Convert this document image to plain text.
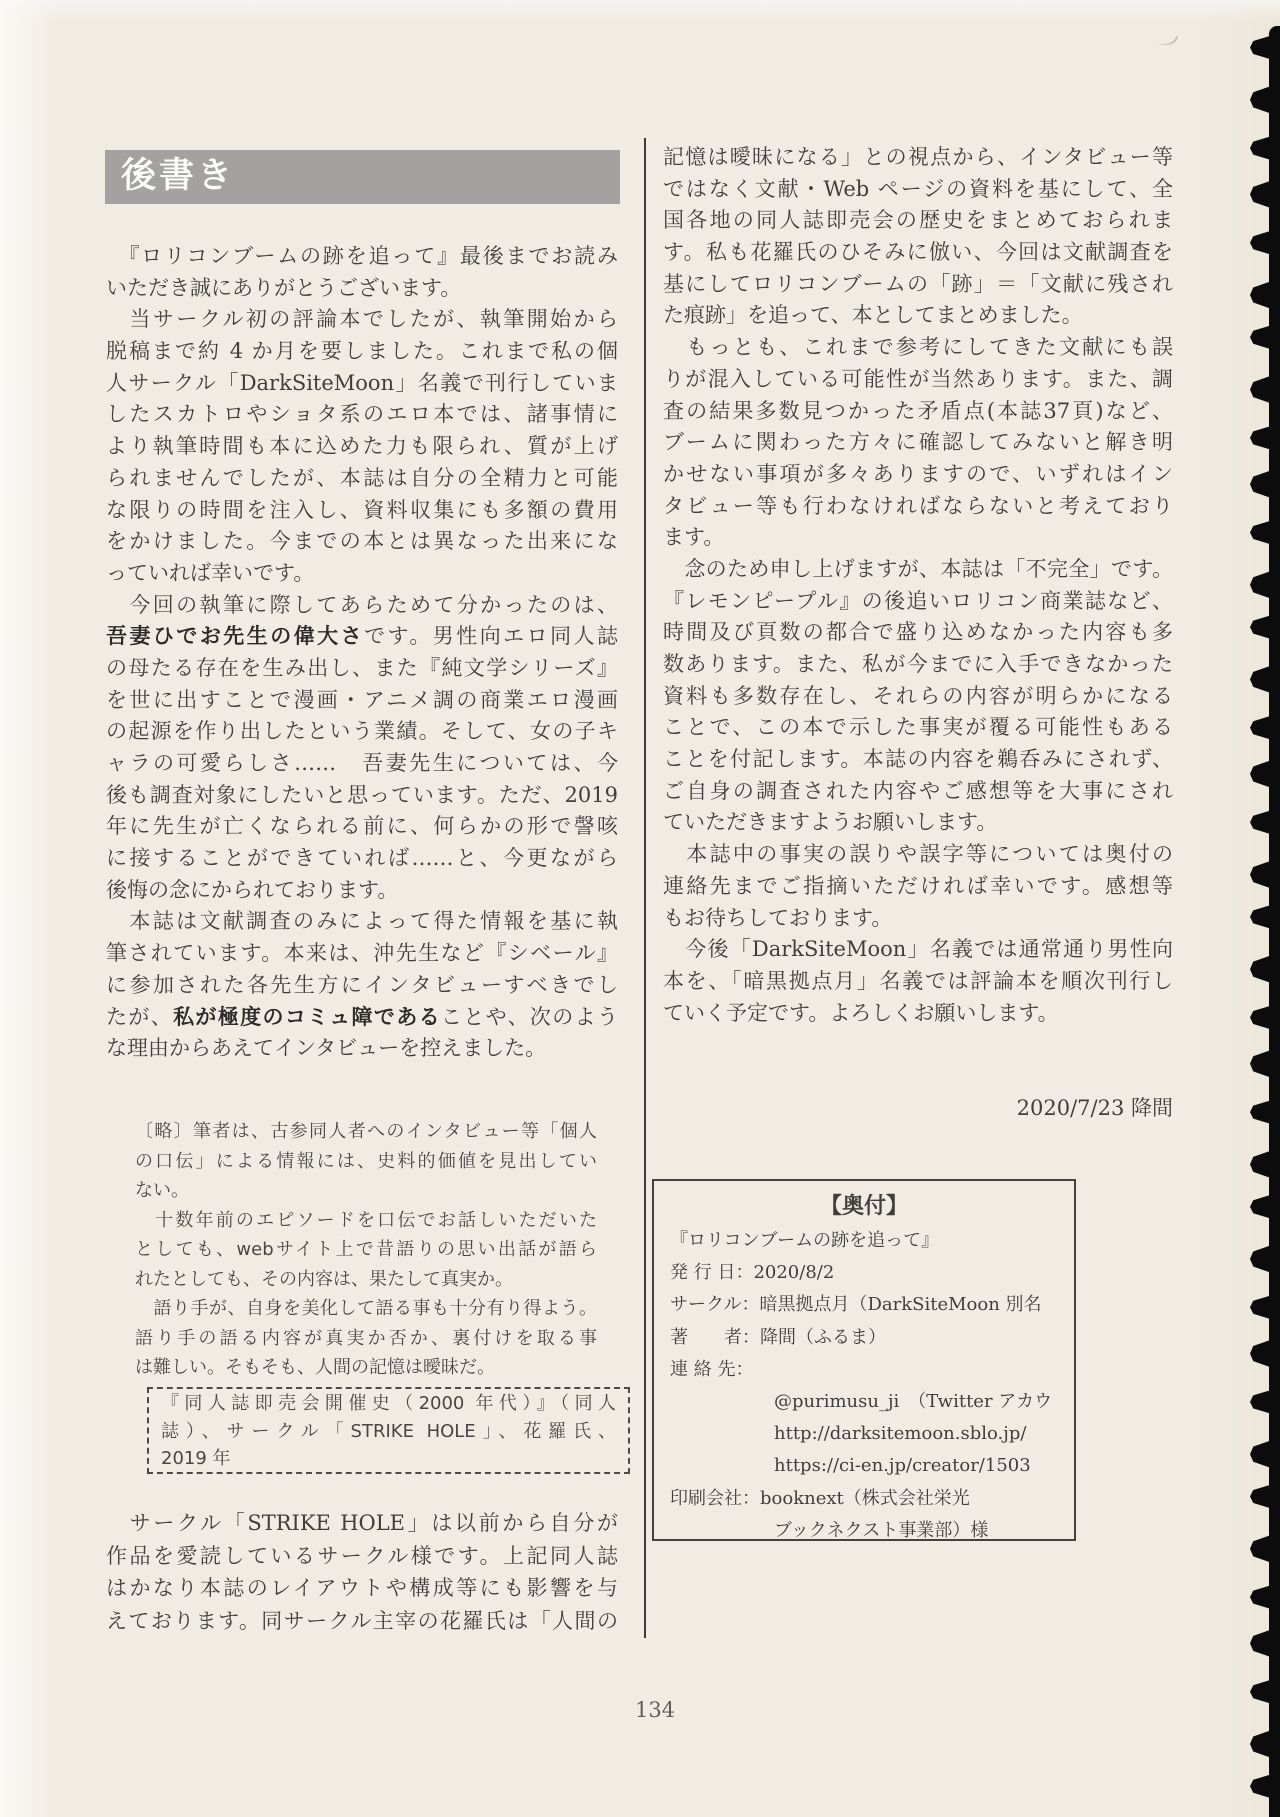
後書き
　『ロリコンブームの跡を追って』最後までお読み
いただき誠にありがとうございます。
　当サークル初の評論本でしたが、執筆開始から
脱稿まで約 4 か月を要しました。これまで私の個
人サークル「DarkSiteMoon」名義で刊行していま
したスカトロやショタ系のエロ本では、諸事情に
より執筆時間も本に込めた力も限られ、質が上げ
られませんでしたが、本誌は自分の全精力と可能
な限りの時間を注入し、資料収集にも多額の費用
をかけました。今までの本とは異なった出来にな
っていれば幸いです。
　今回の執筆に際してあらためて分かったのは、
吾妻ひでお先生の偉大さです。男性向エロ同人誌
の母たる存在を生み出し、また『純文学シリーズ』
を世に出すことで漫画・アニメ調の商業エロ漫画
の起源を作り出したという業績。そして、女の子キ
ャラの可愛らしさ……　吾妻先生については、今
後も調査対象にしたいと思っています。ただ、2019
年に先生が亡くなられる前に、何らかの形で謦咳
に接することができていれば……と、今更ながら
後悔の念にかられております。
　本誌は文献調査のみによって得た情報を基に執
筆されています。本来は、沖先生など『シベール』
に参加された各先生方にインタビューすべきでし
たが、私が極度のコミュ障であることや、次のよう
な理由からあえてインタビューを控えました。
〔略〕筆者は、古参同人者へのインタビュー等「個人
の口伝」による情報には、史料的価値を見出してい
ない。
　十数年前のエピソードを口伝でお話しいただいた
としても、webサイト上で昔語りの思い出話が語ら
れたとしても、その内容は、果たして真実か。
　語り手が、自身を美化して語る事も十分有り得よう。
語り手の語る内容が真実か否か、裏付けを取る事
は難しい。そもそも、人間の記憶は曖昧だ。
『同人誌即売会開催史（2000 年代）』（同人
誌）、サークル「STRIKE HOLE」、花羅氏、
2019 年
　サークル「STRIKE HOLE」は以前から自分が
作品を愛読しているサークル様です。上記同人誌
はかなり本誌のレイアウトや構成等にも影響を与
えております。同サークル主宰の花羅氏は「人間の
記憶は曖昧になる」との視点から、インタビュー等
ではなく文献・Web ページの資料を基にして、全
国各地の同人誌即売会の歴史をまとめておられま
す。私も花羅氏のひそみに倣い、今回は文献調査を
基にしてロリコンブームの「跡」＝「文献に残され
た痕跡」を追って、本としてまとめました。
　もっとも、これまで参考にしてきた文献にも誤
りが混入している可能性が当然あります。また、調
査の結果多数見つかった矛盾点(本誌37頁)など、
ブームに関わった方々に確認してみないと解き明
かせない事項が多々ありますので、いずれはイン
タビュー等も行わなければならないと考えており
ます。
　念のため申し上げますが、本誌は「不完全」です。
『レモンピープル』の後追いロリコン商業誌など、
時間及び頁数の都合で盛り込めなかった内容も多
数あります。また、私が今までに入手できなかった
資料も多数存在し、それらの内容が明らかになる
ことで、この本で示した事実が覆る可能性もある
ことを付記します。本誌の内容を鵜呑みにされず、
ご自身の調査された内容やご感想等を大事にされ
ていただきますようお願いします。
　本誌中の事実の誤りや誤字等については奥付の
連絡先までご指摘いただければ幸いです。感想等
もお待ちしております。
　今後「DarkSiteMoon」名義では通常通り男性向
本を、「暗黒拠点月」名義では評論本を順次刊行し
ていく予定です。よろしくお願いします。
2020/7/23 降間
【奥付】
『ロリコンブームの跡を追って』
発 行 日：2020/8/2
サークル：暗黒拠点月（DarkSiteMoon 別名
著　　者：降間（ふるま）
連 絡 先：
@purimusu_ji　（Twitter アカウ
http://darksitemoon.sblo.jp/
https://ci-en.jp/creator/1503
印刷会社：booknext（株式会社栄光
ブックネクスト事業部）様
134
